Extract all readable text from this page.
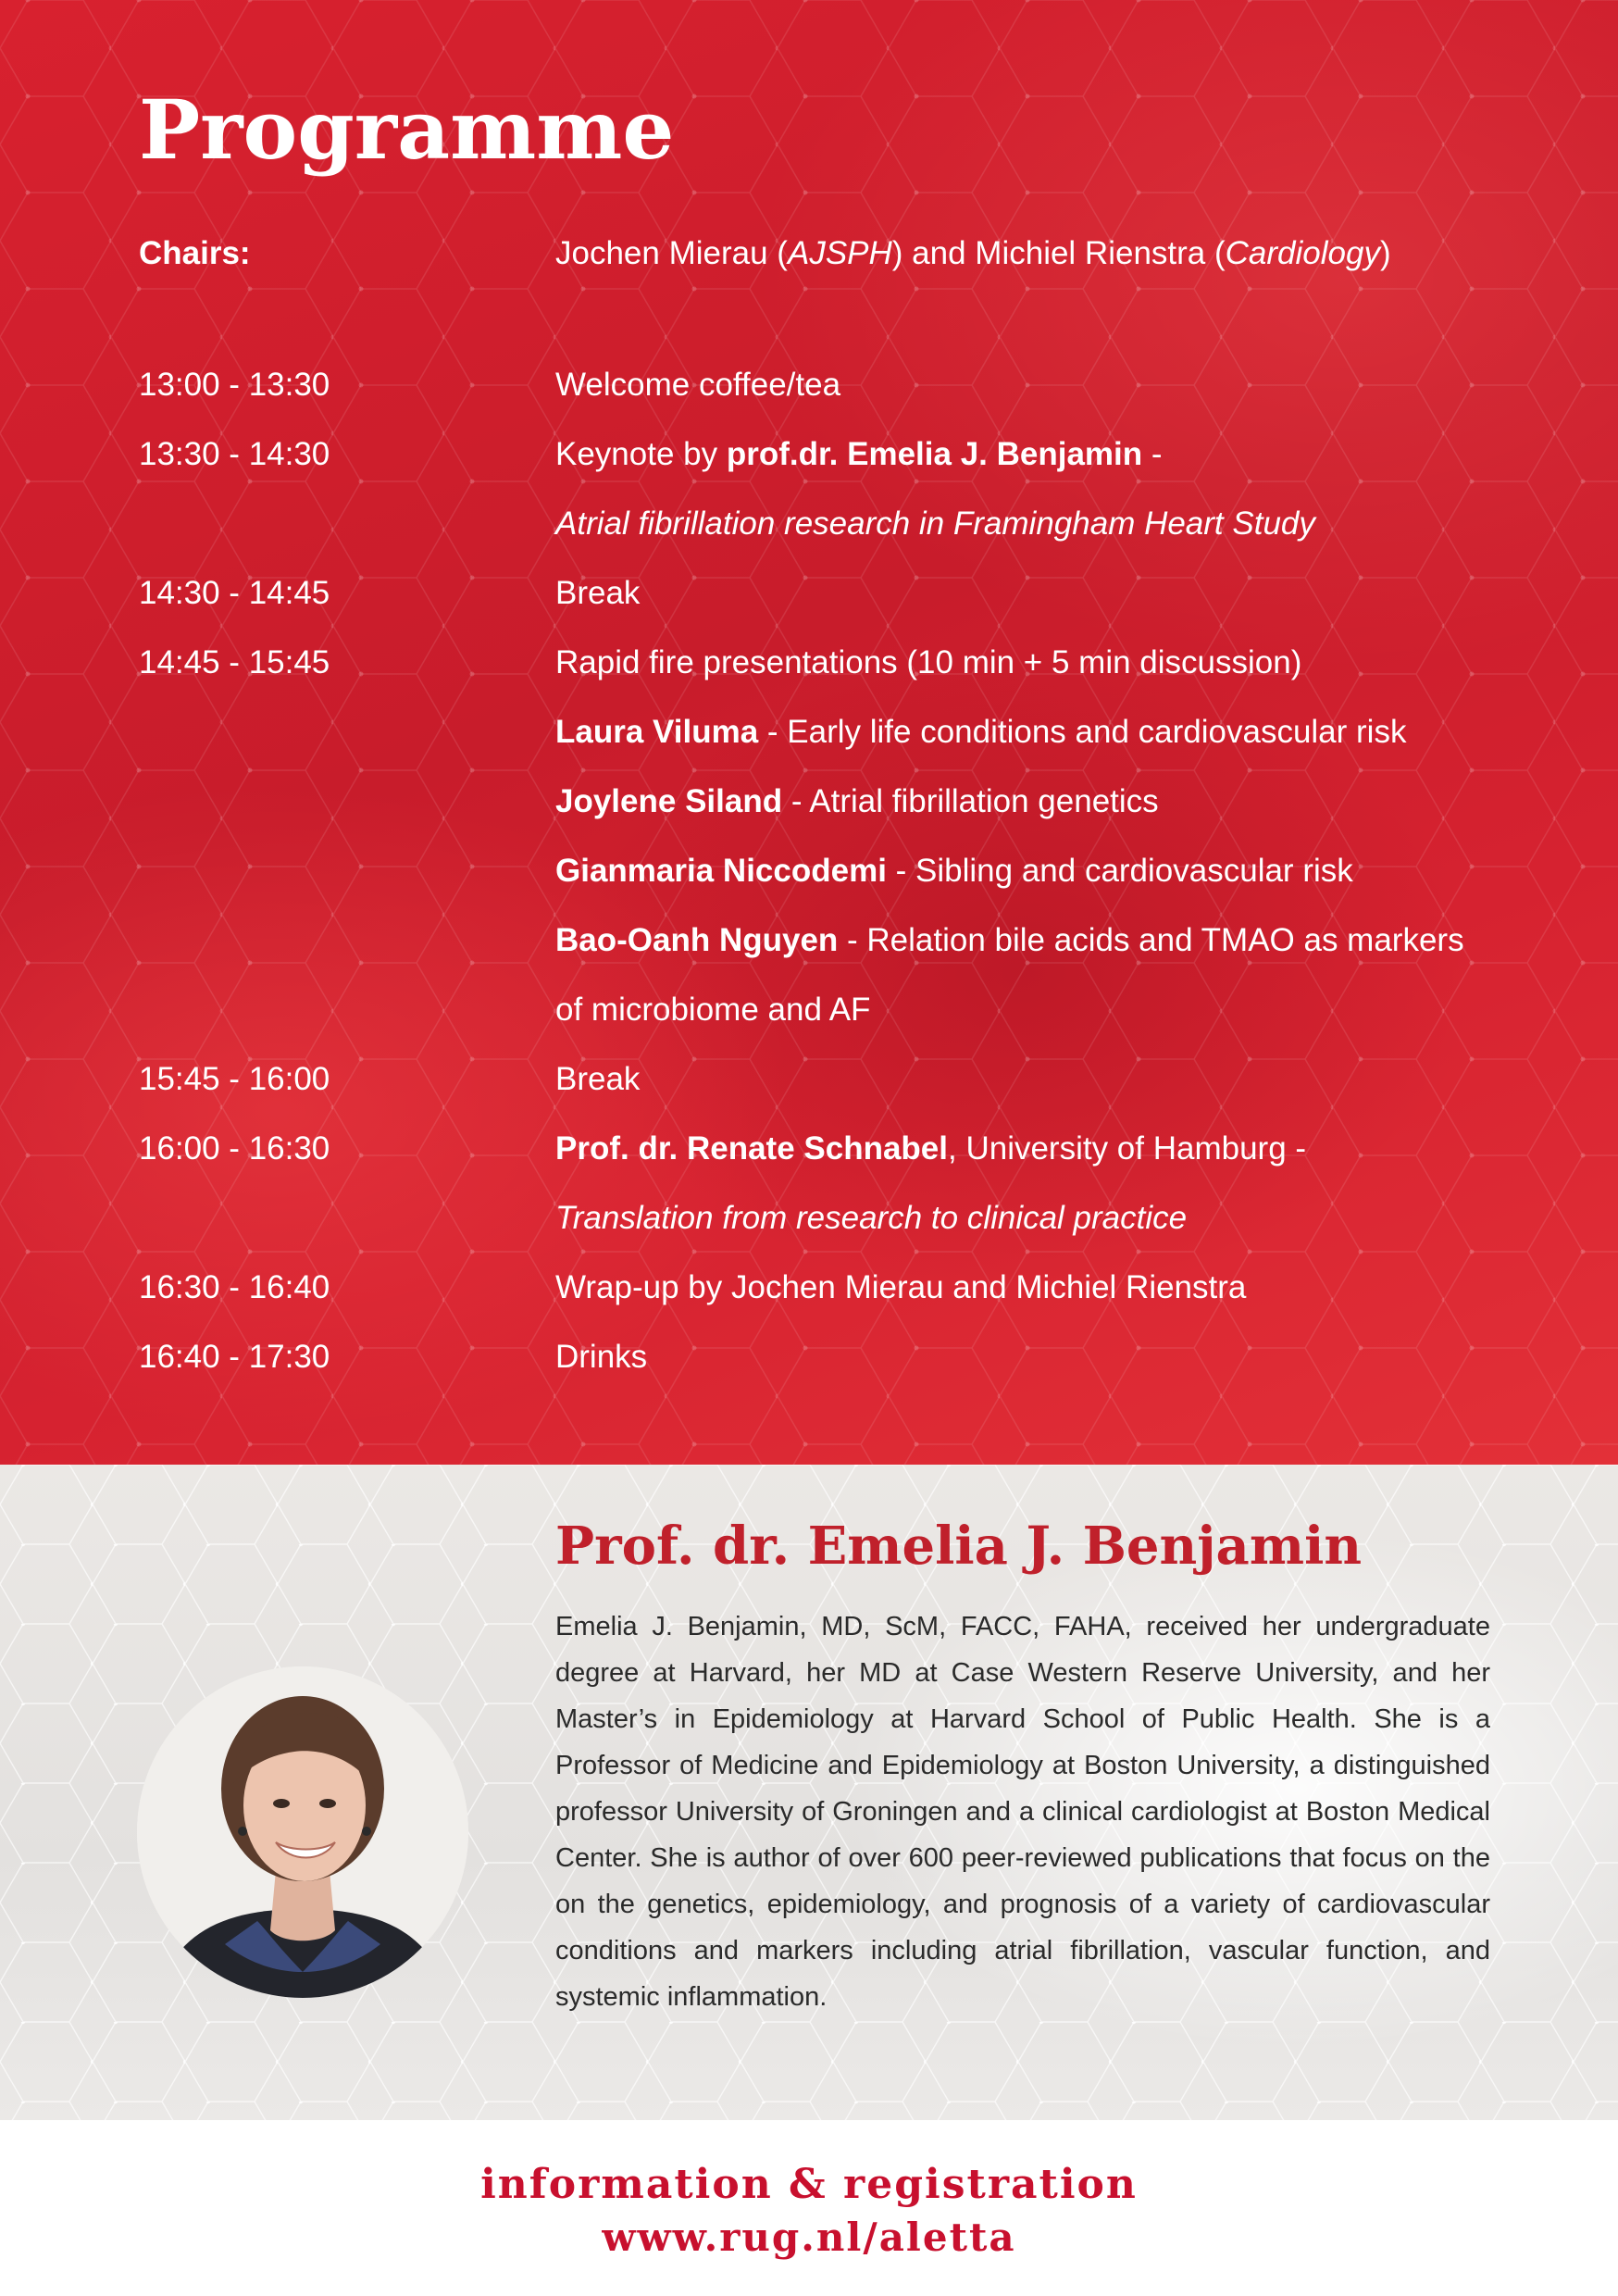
Programme
Chairs:	Jochen Mierau (AJSPH) and Michiel Rienstra (Cardiology)
13:00 - 13:30	Welcome coffee/tea
13:30 - 14:30	Keynote by prof.dr. Emelia J. Benjamin -
Atrial fibrillation research in Framingham Heart Study
14:30 - 14:45	Break
14:45 - 15:45	Rapid fire presentations (10 min + 5 min discussion)
Laura Viluma - Early life conditions and cardiovascular risk
Joylene Siland - Atrial fibrillation genetics
Gianmaria Niccodemi - Sibling and cardiovascular risk
Bao-Oanh Nguyen - Relation bile acids and TMAO as markers
of microbiome and AF
15:45 - 16:00	Break
16:00 - 16:30	Prof. dr. Renate Schnabel, University of Hamburg -
Translation from research to clinical practice
16:30 - 16:40	Wrap-up by Jochen Mierau and Michiel Rienstra
16:40 - 17:30	Drinks
Prof. dr. Emelia J. Benjamin

Emelia J. Benjamin, MD, ScM, FACC, FAHA, received her undergraduate degree at Harvard, her MD at Case Western Reserve University, and her Master’s in Epidemiology at Harvard School of Public Health. She is a Professor of Medicine and Epidemiology at Boston University, a distinguished professor University of Groningen and a clinical cardiologist at Boston Medical Center. She is author of over 600 peer-reviewed publications that focus on the on the genetics, epidemiology, and prognosis of a variety of cardiovascular conditions and markers including atrial fibrillation, vascular function, and systemic inflammation.

information & registration

www.rug.nl/aletta
